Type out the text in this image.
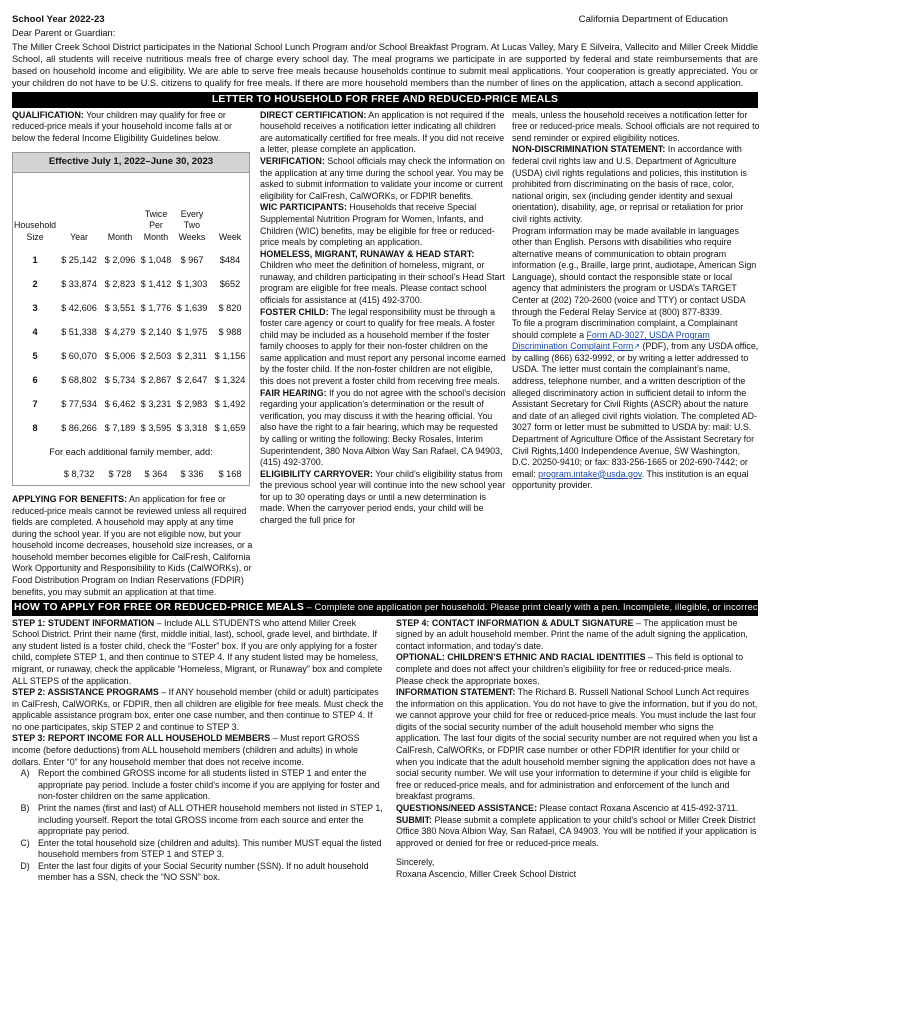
School Year 2022-23	California Department of Education
Dear Parent or Guardian:
The Miller Creek School District participates in the National School Lunch Program and/or School Breakfast Program. At Lucas Valley, Mary E Silveira, Vallecito and Miller Creek Middle School, all students will receive nutritious meals free of charge every school day. The meal programs we participate in are supported by federal and state reimbursements that are based on household income and eligibility. We are able to serve free meals because households continue to submit meal applications. Your cooperation is greatly appreciated. You or your children do not have to be U.S. citizens to qualify for free meals. If there are more household members than the number of lines on the application, attach a second application.
LETTER TO HOUSEHOLD FOR FREE AND REDUCED-PRICE MEALS

QUALIFICATION: Your children may qualify for free or reduced-price meals if your household income falls at or below the federal Income Eligibility Guidelines below.

Effective July 1, 2022–June 30, 2023
Household Size	Year	Month	Twice Per Month	Every Two Weeks	Week
1	$ 25,142	$ 2,096	$ 1,048	$ 967	$484
2	$ 33,874	$ 2,823	$ 1,412	$ 1,303	$652
3	$ 42,606	$ 3,551	$ 1,776	$ 1,639	$ 820
4	$ 51,338	$ 4,279	$ 2,140	$ 1,975	$ 988
5	$ 60,070	$ 5,006	$ 2,503	$ 2,311	$ 1,156
6	$ 68,802	$ 5,734	$ 2,867	$ 2,647	$ 1,324
7	$ 77,534	$ 6,462	$ 3,231	$ 2,983	$ 1,492
8	$ 86,266	$ 7,189	$ 3,595	$ 3,318	$ 1,659
For each additional family member, add:					
	$ 8,732	$ 728	$ 364	$ 336	$ 168

APPLYING FOR BENEFITS: An application for free or reduced-price meals cannot be reviewed unless all required fields are completed. A household may apply at any time during the school year. If you are not eligible now, but your household income decreases, household size increases, or a household member becomes eligible for CalFresh, California Work Opportunity and Responsibility to Kids (CalWORKs), or Food Distribution Program on Indian Reservations (FDPIR) benefits, you may submit an application at that time.

DIRECT CERTIFICATION: An application is not required if the household receives a notification letter indicating all children are automatically certified for free meals. If you did not receive a letter, please complete an application.

VERIFICATION: School officials may check the information on the application at any time during the school year. You may be asked to submit information to validate your income or current eligibility for CalFresh, CalWORKs, or FDPIR benefits.

WIC PARTICIPANTS: Households that receive Special Supplemental Nutrition Program for Women, Infants, and Children (WIC) benefits, may be eligible for free or reduced-price meals by completing an application.

HOMELESS, MIGRANT, RUNAWAY & HEAD START: Children who meet the definition of homeless, migrant, or runaway, and children participating in their school’s Head Start program are eligible for free meals. Please contact school officials for assistance at (415) 492-3700.

FOSTER CHILD: The legal responsibility must be through a foster care agency or court to qualify for free meals. A foster child may be included as a household member if the foster family chooses to apply for their non-foster children on the same application and must report any personal income earned by the foster child. If the non-foster children are not eligible, this does not prevent a foster child from receiving free meals.

FAIR HEARING: If you do not agree with the school’s decision regarding your application’s determination or the result of verification, you may discuss it with the hearing official. You also have the right to a fair hearing, which may be requested by calling or writing the following: Becky Rosales, Interim Superintendent, 380 Nova Albion Way San Rafael, CA 94903, (415) 492-3700.

ELIGIBILITY CARRYOVER: Your child’s eligibility status from the previous school year will continue into the new school year for up to 30 operating days or until a new determination is made. When the carryover period ends, your child will be charged the full price for

meals, unless the household receives a notification letter for free or reduced-price meals. School officials are not required to send reminder or expired eligibility notices.

NON-DISCRIMINATION STATEMENT: In accordance with federal civil rights law and U.S. Department of Agriculture (USDA) civil rights regulations and policies, this institution is prohibited from discriminating on the basis of race, color, national origin, sex (including gender identity and sexual orientation), disability, age, or reprisal or retaliation for prior civil rights activity.

Program information may be made available in languages other than English. Persons with disabilities who require alternative means of communication to obtain program information (e.g., Braille, large print, audiotape, American Sign Language), should contact the responsible state or local agency that administers the program or USDA’s TARGET Center at (202) 720-2600 (voice and TTY) or contact USDA through the Federal Relay Service at (800) 877-8339.

To file a program discrimination complaint, a Complainant should complete a Form AD-3027, USDA Program Discrimination Complaint Form↗ (PDF), from any USDA office, by calling (866) 632-9992, or by writing a letter addressed to USDA. The letter must contain the complainant’s name, address, telephone number, and a written description of the alleged discriminatory action in sufficient detail to inform the Assistant Secretary for Civil Rights (ASCR) about the nature and date of an alleged civil rights violation. The completed AD-3027 form or letter must be submitted to USDA by: mail: U.S. Department of Agriculture Office of the Assistant Secretary for Civil Rights,1400 Independence Avenue, SW Washington, D.C. 20250-9410; or fax: 833-256-1665 or 202-690-7442; or

email: program.intake@usda.gov. This institution is an equal opportunity provider.

HOW TO APPLY FOR FREE OR REDUCED-PRICE MEALS – Complete one application per household. Please print clearly with a pen. Incomplete, illegible, or incorrect information will delay processing.

STEP 1: STUDENT INFORMATION – Include ALL STUDENTS who attend Miller Creek School District. Print their name (first, middle initial, last), school, grade level, and birthdate. If any student listed is a foster child, check the “Foster” box. If you are only applying for a foster child, complete STEP 1, and then continue to STEP 4. If any student listed may be homeless, migrant, or runaway, check the applicable “Homeless, Migrant, or Runaway” box and complete ALL STEPS of the application.

STEP 2: ASSISTANCE PROGRAMS – If ANY household member (child or adult) participates in CalFresh, CalWORKs, or FDPIR, then all children are eligible for free meals. Must check the applicable assistance program box, enter one case number, and then continue to STEP 4. If no one participates, skip STEP 2 and continue to STEP 3.

STEP 3: REPORT INCOME FOR ALL HOUSEHOLD MEMBERS – Must report GROSS income (before deductions) from ALL household members (children and adults) in whole dollars. Enter “0” for any household member that does not receive income.

A) Report the combined GROSS income for all students listed in STEP 1 and enter the appropriate pay period. Include a foster child’s income if you are applying for foster and non-foster children on the same application.
B) Print the names (first and last) of ALL OTHER household members not listed in STEP 1, including yourself. Report the total GROSS income from each source and enter the appropriate pay period.
C) Enter the total household size (children and adults). This number MUST equal the listed household members from STEP 1 and STEP 3.
D) Enter the last four digits of your Social Security number (SSN). If no adult household member has a SSN, check the “NO SSN” box.

STEP 4: CONTACT INFORMATION & ADULT SIGNATURE – The application must be signed by an adult household member. Print the name of the adult signing the application, contact information, and today’s date.

OPTIONAL: CHILDREN’S ETHNIC AND RACIAL IDENTITIES – This field is optional to complete and does not affect your children’s eligibility for free or reduced-price meals. Please check the appropriate boxes.

INFORMATION STATEMENT: The Richard B. Russell National School Lunch Act requires the information on this application. You do not have to give the information, but if you do not, we cannot approve your child for free or reduced-price meals. You must include the last four digits of the social security number of the adult household member who signs the application. The last four digits of the social security number are not required when you list a CalFresh, CalWORKs, or FDPIR case number or other FDPIR identifier for your child or when you indicate that the adult household member signing the application does not have a social security number. We will use your information to determine if your child is eligible for free or reduced-price meals, and for administration and enforcement of the lunch and breakfast programs.

QUESTIONS/NEED ASSISTANCE: Please contact Roxana Ascencio at 415-492-3711.

SUBMIT: Please submit a complete application to your child’s school or Miller Creek District Office 380 Nova Albion Way, San Rafael, CA 94903. You will be notified if your application is approved or denied for free or reduced-price meals.

Sincerely,
Roxana Ascencio, Miller Creek School District
